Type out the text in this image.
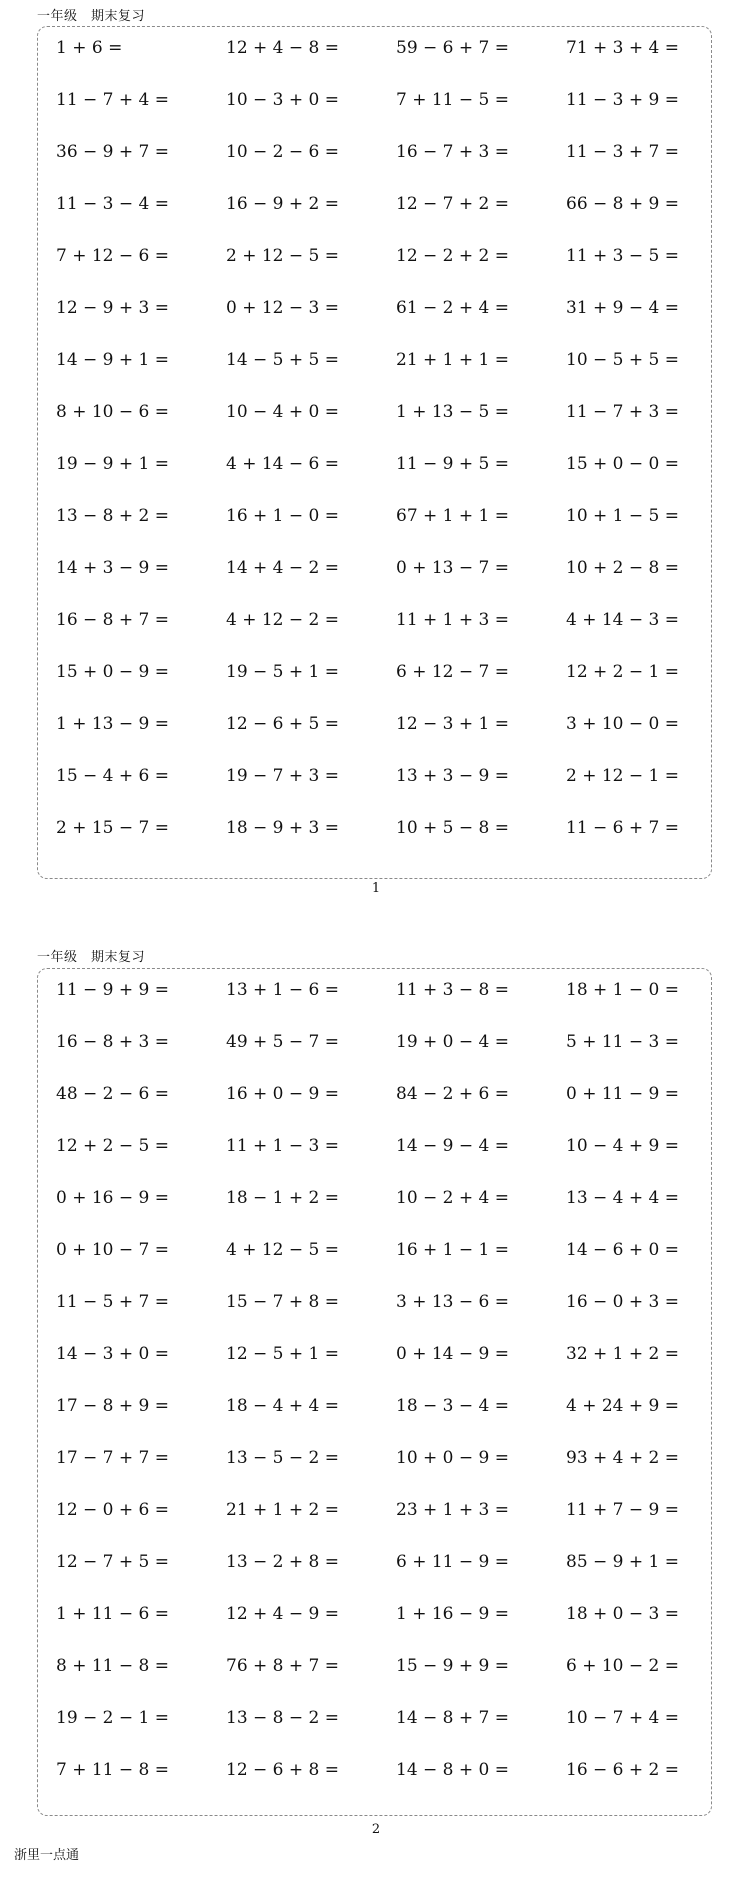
一年级　期末复习
1 + 6 =	12 + 4 − 8 =	59 − 6 + 7 =	71 + 3 + 4 =
11 − 7 + 4 =	10 − 3 + 0 =	7 + 11 − 5 =	11 − 3 + 9 =
36 − 9 + 7 =	10 − 2 − 6 =	16 − 7 + 3 =	11 − 3 + 7 =
11 − 3 − 4 =	16 − 9 + 2 =	12 − 7 + 2 =	66 − 8 + 9 =
7 + 12 − 6 =	2 + 12 − 5 =	12 − 2 + 2 =	11 + 3 − 5 =
12 − 9 + 3 =	0 + 12 − 3 =	61 − 2 + 4 =	31 + 9 − 4 =
14 − 9 + 1 =	14 − 5 + 5 =	21 + 1 + 1 =	10 − 5 + 5 =
8 + 10 − 6 =	10 − 4 + 0 =	1 + 13 − 5 =	11 − 7 + 3 =
19 − 9 + 1 =	4 + 14 − 6 =	11 − 9 + 5 =	15 + 0 − 0 =
13 − 8 + 2 =	16 + 1 − 0 =	67 + 1 + 1 =	10 + 1 − 5 =
14 + 3 − 9 =	14 + 4 − 2 =	0 + 13 − 7 =	10 + 2 − 8 =
16 − 8 + 7 =	4 + 12 − 2 =	11 + 1 + 3 =	4 + 14 − 3 =
15 + 0 − 9 =	19 − 5 + 1 =	6 + 12 − 7 =	12 + 2 − 1 =
1 + 13 − 9 =	12 − 6 + 5 =	12 − 3 + 1 =	3 + 10 − 0 =
15 − 4 + 6 =	19 − 7 + 3 =	13 + 3 − 9 =	2 + 12 − 1 =
2 + 15 − 7 =	18 − 9 + 3 =	10 + 5 − 8 =	11 − 6 + 7 =
1
一年级　期末复习
11 − 9 + 9 =	13 + 1 − 6 =	11 + 3 − 8 =	18 + 1 − 0 =
16 − 8 + 3 =	49 + 5 − 7 =	19 + 0 − 4 =	5 + 11 − 3 =
48 − 2 − 6 =	16 + 0 − 9 =	84 − 2 + 6 =	0 + 11 − 9 =
12 + 2 − 5 =	11 + 1 − 3 =	14 − 9 − 4 =	10 − 4 + 9 =
0 + 16 − 9 =	18 − 1 + 2 =	10 − 2 + 4 =	13 − 4 + 4 =
0 + 10 − 7 =	4 + 12 − 5 =	16 + 1 − 1 =	14 − 6 + 0 =
11 − 5 + 7 =	15 − 7 + 8 =	3 + 13 − 6 =	16 − 0 + 3 =
14 − 3 + 0 =	12 − 5 + 1 =	0 + 14 − 9 =	32 + 1 + 2 =
17 − 8 + 9 =	18 − 4 + 4 =	18 − 3 − 4 =	4 + 24 + 9 =
17 − 7 + 7 =	13 − 5 − 2 =	10 + 0 − 9 =	93 + 4 + 2 =
12 − 0 + 6 =	21 + 1 + 2 =	23 + 1 + 3 =	11 + 7 − 9 =
12 − 7 + 5 =	13 − 2 + 8 =	6 + 11 − 9 =	85 − 9 + 1 =
1 + 11 − 6 =	12 + 4 − 9 =	1 + 16 − 9 =	18 + 0 − 3 =
8 + 11 − 8 =	76 + 8 + 7 =	15 − 9 + 9 =	6 + 10 − 2 =
19 − 2 − 1 =	13 − 8 − 2 =	14 − 8 + 7 =	10 − 7 + 4 =
7 + 11 − 8 =	12 − 6 + 8 =	14 − 8 + 0 =	16 − 6 + 2 =
2
浙里一点通
